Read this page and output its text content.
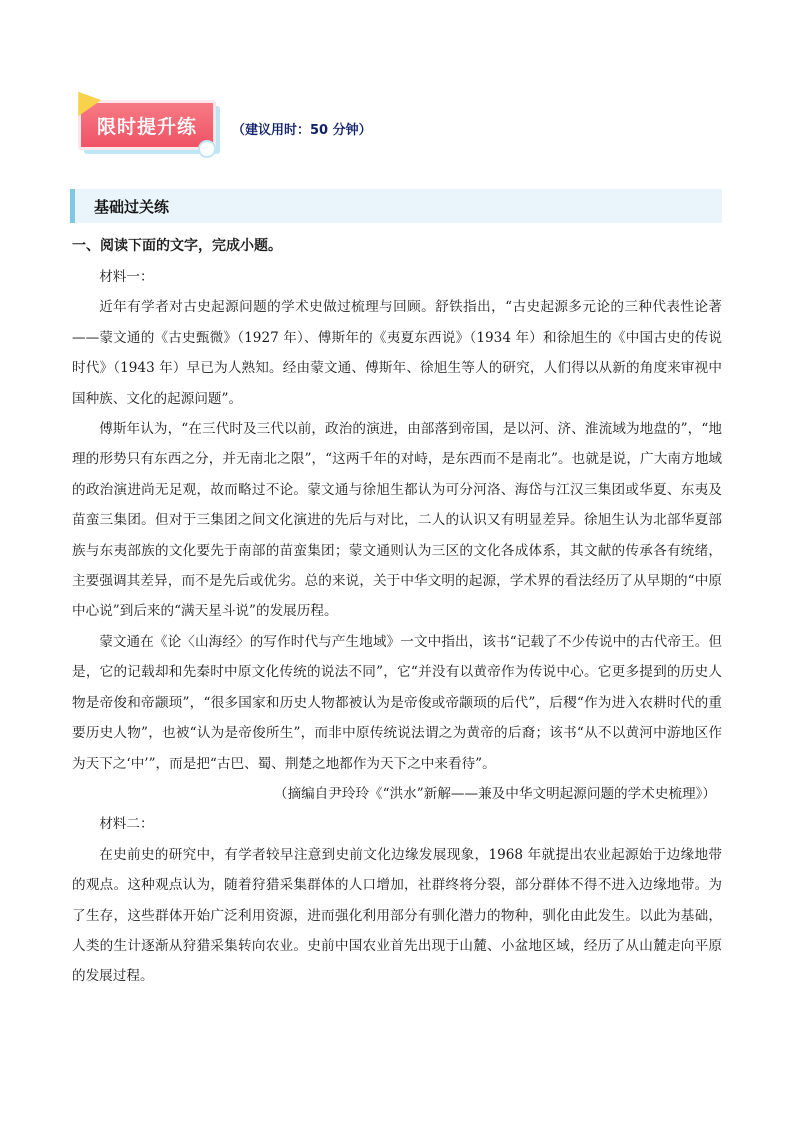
限时提升练	（建议用时：50 分钟）
基础过关练
一、阅读下面的文字，完成小题。

材料一：

近年有学者对古史起源问题的学术史做过梳理与回顾。舒铁指出，“古史起源多元论的三种代表性论著——蒙文通的《古史甄微》（1927 年）、傅斯年的《夷夏东西说》（1934 年）和徐旭生的《中国古史的传说时代》（1943 年）早已为人熟知。经由蒙文通、傅斯年、徐旭生等人的研究，人们得以从新的角度来审视中国种族、文化的起源问题”。

傅斯年认为，“在三代时及三代以前，政治的演进，由部落到帝国，是以河、济、淮流域为地盘的”，“地理的形势只有东西之分，并无南北之限”，“这两千年的对峙，是东西而不是南北”。也就是说，广大南方地域的政治演进尚无足观，故而略过不论。蒙文通与徐旭生都认为可分河洛、海岱与江汉三集团或华夏、东夷及苗蛮三集团。但对于三集团之间文化演进的先后与对比，二人的认识又有明显差异。徐旭生认为北部华夏部族与东夷部族的文化要先于南部的苗蛮集团；蒙文通则认为三区的文化各成体系，其文献的传承各有统绪，主要强调其差异，而不是先后或优劣。总的来说，关于中华文明的起源，学术界的看法经历了从早期的“中原中心说”到后来的“满天星斗说”的发展历程。

蒙文通在《论〈山海经〉的写作时代与产生地域》一文中指出，该书“记载了不少传说中的古代帝王。但是，它的记载却和先秦时中原文化传统的说法不同”，它“并没有以黄帝作为传说中心。它更多提到的历史人物是帝俊和帝颛顼”，“很多国家和历史人物都被认为是帝俊或帝颛顼的后代”，后稷“作为进入农耕时代的重要历史人物”，也被“认为是帝俊所生”，而非中原传统说法谓之为黄帝的后裔；该书“从不以黄河中游地区作为天下之‘中’”，而是把“古巴、蜀、荆楚之地都作为天下之中来看待”。

（摘编自尹玲玲《“洪水”新解——兼及中华文明起源问题的学术史梳理》）

材料二：

在史前史的研究中，有学者较早注意到史前文化边缘发展现象，1968 年就提出农业起源始于边缘地带的观点。这种观点认为，随着狩猎采集群体的人口增加，社群终将分裂，部分群体不得不进入边缘地带。为了生存，这些群体开始广泛利用资源，进而强化利用部分有驯化潜力的物种，驯化由此发生。以此为基础，人类的生计逐渐从狩猎采集转向农业。史前中国农业首先出现于山麓、小盆地区域，经历了从山麓走向平原的发展过程。
